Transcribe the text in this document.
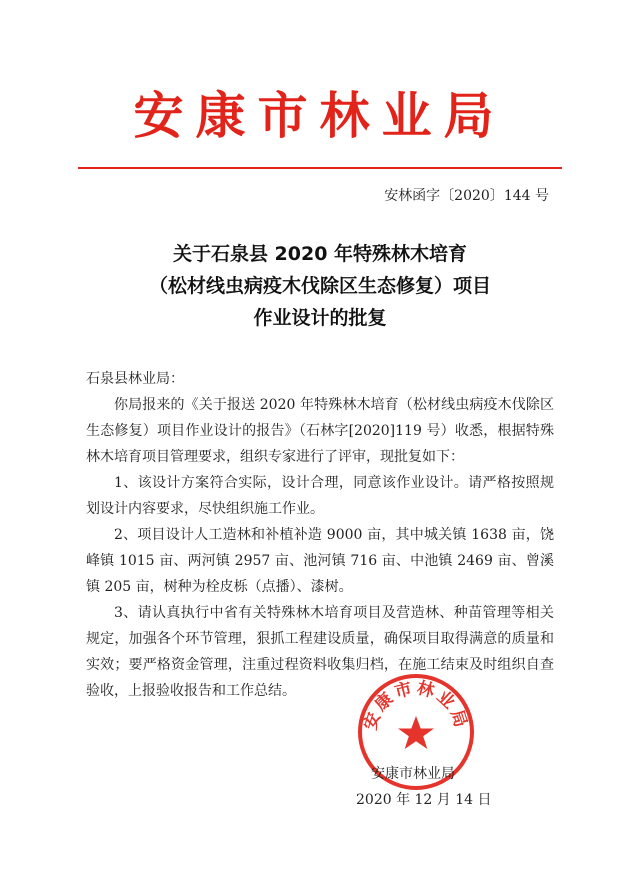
安康市林业局
安林函字〔2020〕144 号
关于石泉县 2020 年特殊林木培育
（松材线虫病疫木伐除区生态修复）项目
作业设计的批复

石泉县林业局：

你局报来的《关于报送 2020 年特殊林木培育（松材线虫病疫木伐除区生态修复）项目作业设计的报告》（石林字[2020]119 号）收悉，根据特殊林木培育项目管理要求，组织专家进行了评审，现批复如下：

1、该设计方案符合实际，设计合理，同意该作业设计。请严格按照规划设计内容要求，尽快组织施工作业。

2、项目设计人工造林和补植补造 9000 亩，其中城关镇 1638 亩，饶峰镇 1015 亩、两河镇 2957 亩、池河镇 716 亩、中池镇 2469 亩、曾溪镇 205 亩，树种为栓皮栎（点播）、漆树。

3、请认真执行中省有关特殊林木培育项目及营造林、种苗管理等相关规定，加强各个环节管理，狠抓工程建设质量，确保项目取得满意的质量和实效；要严格资金管理，注重过程资料收集归档，在施工结束及时组织自查验收，上报验收报告和工作总结。

安康市林业局
安康市林业局
2020 年 12 月 14 日
